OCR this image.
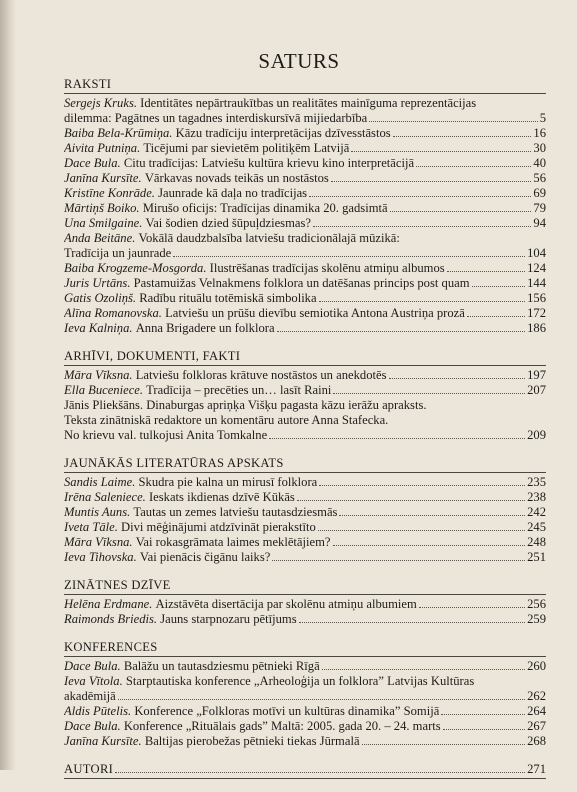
SATURS
RAKSTI
Sergejs Kruks. Identitātes nepārtraukītbas un realitātes mainīguma reprezentācijas
dilemma: Pagātnes un tagadnes interdiskursīvā mijiedarbība	5
Baiba Bela-Krūmiņa. Kāzu tradīciju interpretācijas dzīvesstāstos	16
Aivita Putniņa. Ticējumi par sievietēm politiķēm Latvijā	30
Dace Bula. Citu tradīcijas: Latviešu kultūra krievu kino interpretācijā	40
Janīna Kursīte. Vārkavas novads teikās un nostāstos	56
Kristīne Konrāde. Jaunrade kā daļa no tradīcijas	69
Mārtiņš Boiko. Mirušo oficijs: Tradīcijas dinamika 20. gadsimtā	79
Una Smilgaine. Vai šodien dzied šūpuļdziesmas?	94
Anda Beitāne. Vokālā daudzbalsība latviešu tradicionālajā mūzikā:
Tradīcija un jaunrade	104
Baiba Krogzeme-Mosgorda. Ilustrēšanas tradīcijas skolēnu atmiņu albumos	124
Juris Urtāns. Pastamuižas Velnakmens folklora un datēšanas princips post quam	144
Gatis Ozoliņš. Radību rituālu totēmiskā simbolika	156
Alīna Romanovska. Latviešu un prūšu dievību semiotika Antona Austriņa prozā	172
Ieva Kalniņa. Anna Brigadere un folklora	186
ARHĪVI, DOKUMENTI, FAKTI
Māra Vīksna. Latviešu folkloras krātuve nostāstos un anekdotēs	197
Ella Buceniece. Tradīcija – precēties un… lasīt Raini	207
Jānis Pliekšāns. Dinaburgas apriņķa Višķu pagasta kāzu ierāžu apraksts.
Teksta zinātniskā redaktore un komentāru autore Anna Stafecka.
No krievu val. tulkojusi Anita Tomkalne	209
JAUNĀKĀS LITERATŪRAS APSKATS
Sandis Laime. Skudra pie kalna un mirusī folklora	235
Irēna Saleniece. Ieskats ikdienas dzīvē Kūkās	238
Muntis Auns. Tautas un zemes latviešu tautasdziesmās	242
Iveta Tāle. Divi mēģinājumi atdzīvināt pierakstīto	245
Māra Vīksna. Vai rokasgrāmata laimes meklētājiem?	248
Ieva Tihovska. Vai pienācis čigānu laiks?	251
ZINĀTNES DZĪVE
Helēna Erdmane. Aizstāvēta disertācija par skolēnu atmiņu albumiem	256
Raimonds Briedis. Jauns starpnozaru pētījums	259
KONFERENCES
Dace Bula. Balāžu un tautasdziesmu pētnieki Rīgā	260
Ieva Vītola. Starptautiska konference „Arheoloģija un folklora” Latvijas Kultūras
akadēmijā	262
Aldis Pūtelis. Konference „Folkloras motīvi un kultūras dinamika” Somijā	264
Dace Bula. Konference „Rituālais gads” Maltā: 2005. gada 20. – 24. marts	267
Janīna Kursīte. Baltijas pierobežas pētnieki tiekas Jūrmalā	268
AUTORI	271
